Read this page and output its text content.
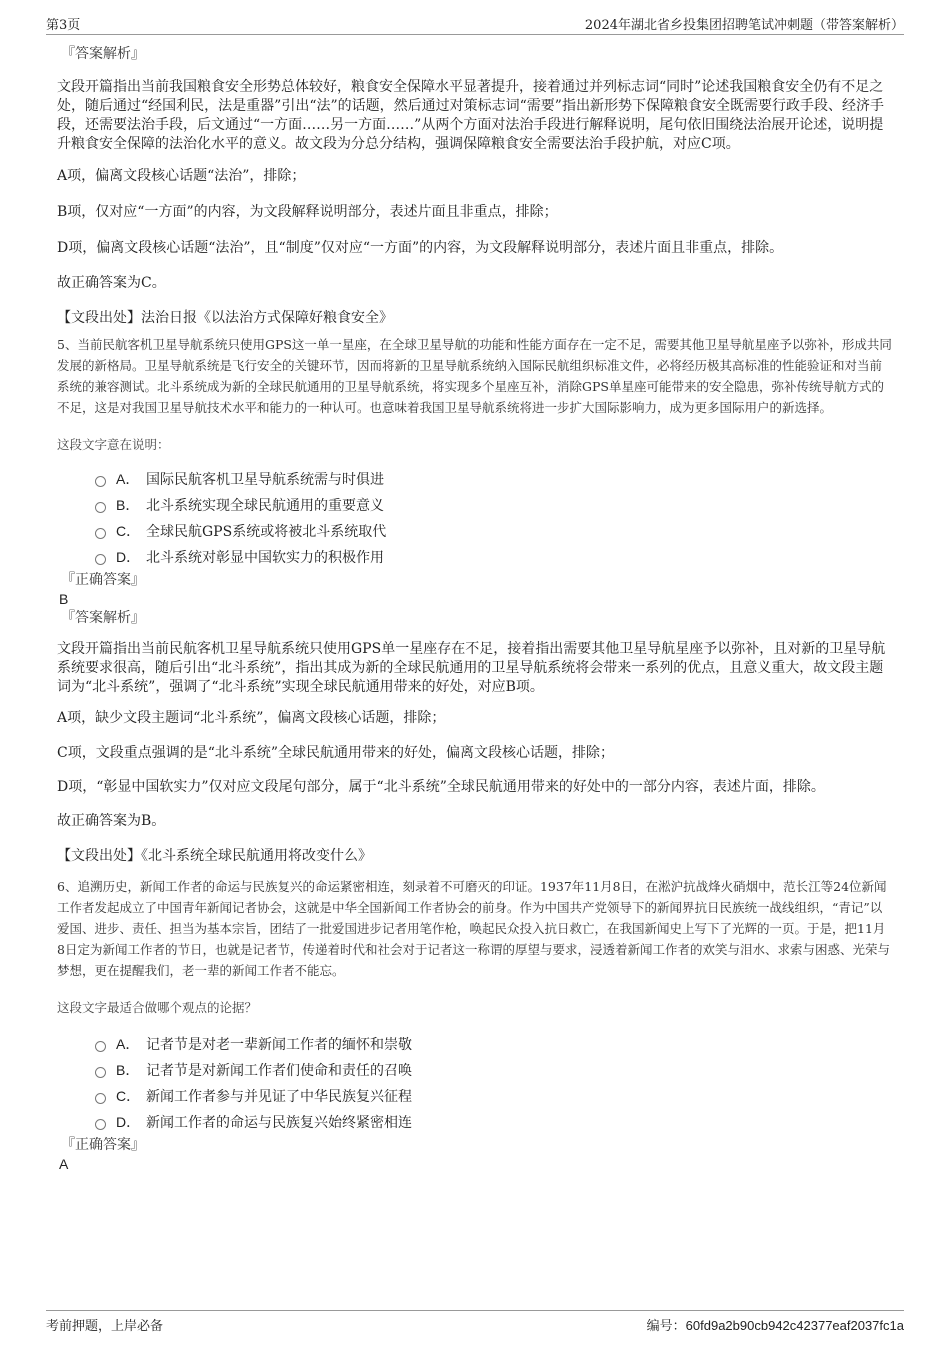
第3页	2024年湖北省乡投集团招聘笔试冲刺题（带答案解析）
『答案解析』

文段开篇指出当前我国粮食安全形势总体较好，粮食安全保障水平显著提升，接着通过并列标志词“同时”论述我国粮食安全仍有不足之处，随后通过“经国利民，法是重器”引出“法”的话题，然后通过对策标志词“需要”指出新形势下保障粮食安全既需要行政手段、经济手段，还需要法治手段，后文通过“一方面……另一方面……”从两个方面对法治手段进行解释说明，尾句依旧围绕法治展开论述，说明提升粮食安全保障的法治化水平的意义。故文段为分总分结构，强调保障粮食安全需要法治手段护航，对应C项。

A项，偏离文段核心话题“法治”，排除；

B项，仅对应“一方面”的内容，为文段解释说明部分，表述片面且非重点，排除；

D项，偏离文段核心话题“法治”，且“制度”仅对应“一方面”的内容，为文段解释说明部分，表述片面且非重点，排除。

故正确答案为C。

【文段出处】法治日报《以法治方式保障好粮食安全》

5、当前民航客机卫星导航系统只使用GPS这一单一星座，在全球卫星导航的功能和性能方面存在一定不足，需要其他卫星导航星座予以弥补，形成共同发展的新格局。卫星导航系统是飞行安全的关键环节，因而将新的卫星导航系统纳入国际民航组织标准文件，必将经历极其高标准的性能验证和对当前系统的兼容测试。北斗系统成为新的全球民航通用的卫星导航系统，将实现多个星座互补，消除GPS单星座可能带来的安全隐患，弥补传统导航方式的不足，这是对我国卫星导航技术水平和能力的一种认可。也意味着我国卫星导航系统将进一步扩大国际影响力，成为更多国际用户的新选择。

这段文字意在说明：
A． 国际民航客机卫星导航系统需与时俱进
B． 北斗系统实现全球民航通用的重要意义
C． 全球民航GPS系统或将被北斗系统取代
D． 北斗系统对彰显中国软实力的积极作用
『正确答案』
B
『答案解析』

文段开篇指出当前民航客机卫星导航系统只使用GPS单一星座存在不足，接着指出需要其他卫星导航星座予以弥补，且对新的卫星导航系统要求很高，随后引出“北斗系统”，指出其成为新的全球民航通用的卫星导航系统将会带来一系列的优点，且意义重大，故文段主题词为“北斗系统”，强调了“北斗系统”实现全球民航通用带来的好处，对应B项。

A项，缺少文段主题词“北斗系统”，偏离文段核心话题，排除；

C项，文段重点强调的是“北斗系统”全球民航通用带来的好处，偏离文段核心话题，排除；

D项，“彰显中国软实力”仅对应文段尾句部分，属于“北斗系统”全球民航通用带来的好处中的一部分内容，表述片面，排除。

故正确答案为B。

【文段出处】《北斗系统全球民航通用将改变什么》

6、追溯历史，新闻工作者的命运与民族复兴的命运紧密相连，刻录着不可磨灭的印证。1937年11月8日，在淞沪抗战烽火硝烟中，范长江等24位新闻工作者发起成立了中国青年新闻记者协会，这就是中华全国新闻工作者协会的前身。作为中国共产党领导下的新闻界抗日民族统一战线组织，“青记”以爱国、进步、责任、担当为基本宗旨，团结了一批爱国进步记者用笔作枪，唤起民众投入抗日救亡，在我国新闻史上写下了光辉的一页。于是，把11月8日定为新闻工作者的节日，也就是记者节，传递着时代和社会对于记者这一称谓的厚望与要求，浸透着新闻工作者的欢笑与泪水、求索与困惑、光荣与梦想，更在提醒我们，老一辈的新闻工作者不能忘。

这段文字最适合做哪个观点的论据？
A． 记者节是对老一辈新闻工作者的缅怀和崇敬
B． 记者节是对新闻工作者们使命和责任的召唤
C． 新闻工作者参与并见证了中华民族复兴征程
D． 新闻工作者的命运与民族复兴始终紧密相连
『正确答案』
A
考前押题，上岸必备	编号：60fd9a2b90cb942c42377eaf2037fc1a
